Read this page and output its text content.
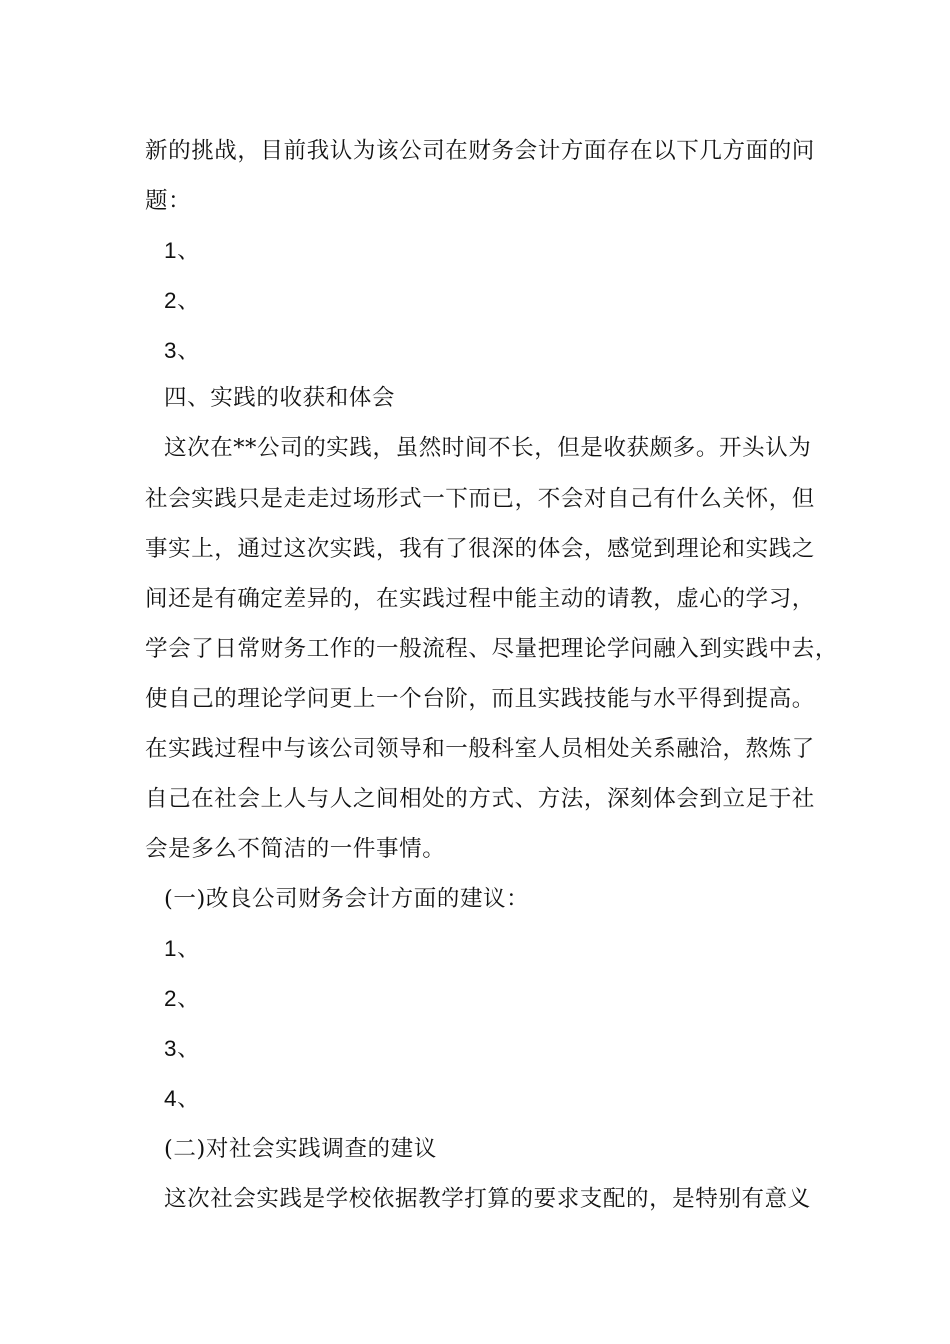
新的挑战，目前我认为该公司在财务会计方面存在以下几方面的问
题：
1、
2、
3、
四、实践的收获和体会
这次在**公司的实践，虽然时间不长，但是收获颇多。开头认为
社会实践只是走走过场形式一下而已，不会对自己有什么关怀，但
事实上，通过这次实践，我有了很深的体会，感觉到理论和实践之
间还是有确定差异的，在实践过程中能主动的请教，虚心的学习，
学会了日常财务工作的一般流程、尽量把理论学问融入到实践中去，
使自己的理论学问更上一个台阶，而且实践技能与水平得到提高。
在实践过程中与该公司领导和一般科室人员相处关系融洽，熬炼了
自己在社会上人与人之间相处的方式、方法，深刻体会到立足于社
会是多么不简洁的一件事情。
(一)改良公司财务会计方面的建议：
1、
2、
3、
4、
(二)对社会实践调查的建议
这次社会实践是学校依据教学打算的要求支配的，是特别有意义
